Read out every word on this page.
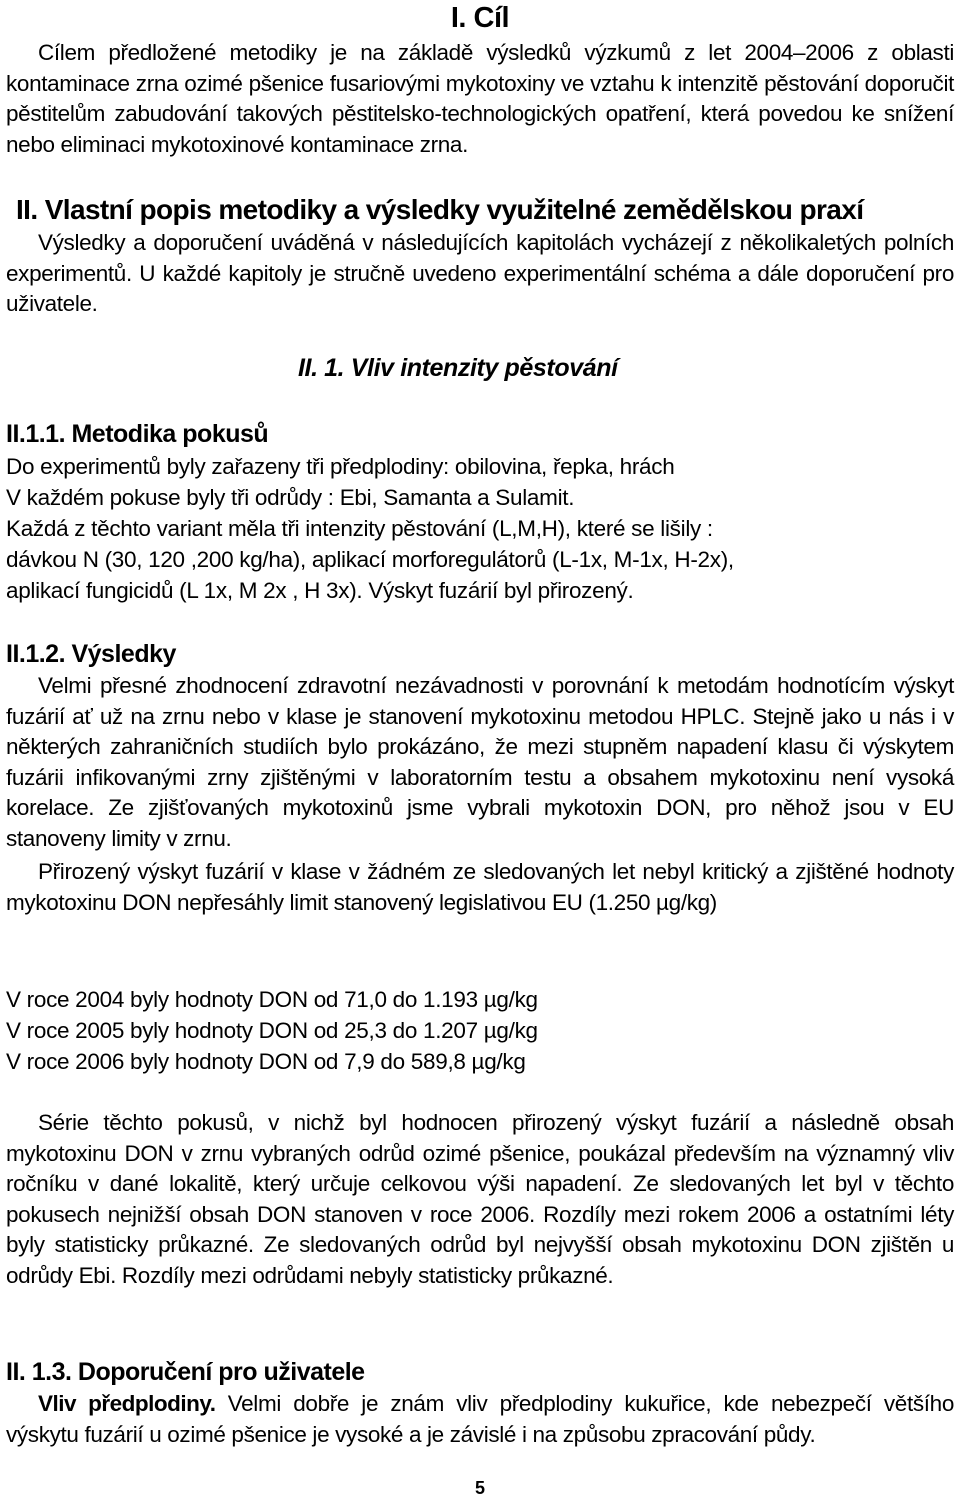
I. Cíl

Cílem předložené metodiky je na základě výsledků výzkumů z let 2004–2006 z oblasti kontaminace zrna ozimé pšenice fusariovými mykotoxiny ve vztahu k intenzitě pěstování doporučit pěstitelům zabudování takových pěstitelsko-technologických opatření, která povedou ke snížení nebo eliminaci mykotoxinové kontaminace zrna.

II. Vlastní popis metodiky a výsledky využitelné zemědělskou praxí

Výsledky a doporučení uváděná v následujících kapitolách vycházejí z několikaletých polních experimentů. U každé kapitoly je stručně uvedeno experimentální schéma a dále doporučení pro uživatele.

II. 1. Vliv intenzity pěstování
II.1.1. Metodika pokusů
Do experimentů byly zařazeny tři předplodiny: obilovina, řepka, hrách
V každém pokuse byly tři odrůdy : Ebi, Samanta a Sulamit.
Každá z těchto variant měla tři intenzity pěstování (L,M,H), které se lišily :
dávkou N (30, 120 ,200 kg/ha), aplikací morforegulátorů (L-1x, M-1x, H-2x),
aplikací fungicidů (L 1x, M 2x , H 3x). Výskyt fuzárií byl přirozený.
II.1.2. Výsledky

Velmi přesné zhodnocení zdravotní nezávadnosti v porovnání k metodám hodnotícím výskyt fuzárií ať už na zrnu nebo v klase je stanovení mykotoxinu metodou HPLC. Stejně jako u nás i v některých zahraničních studiích bylo prokázáno, že mezi stupněm napadení klasu či výskytem fuzárii infikovanými zrny zjištěnými v laboratorním testu a obsahem mykotoxinu není vysoká korelace. Ze zjišťovaných mykotoxinů jsme vybrali mykotoxin DON, pro něhož jsou v EU stanoveny limity v zrnu.

Přirozený výskyt fuzárií v klase v žádném ze sledovaných let nebyl kritický a zjištěné hodnoty mykotoxinu DON nepřesáhly limit stanovený legislativou EU (1.250 µg/kg)

V roce 2004 byly hodnoty DON od 71,0 do 1.193 µg/kg
V roce 2005 byly hodnoty DON od 25,3 do 1.207 µg/kg
V roce 2006 byly hodnoty DON od 7,9 do 589,8 µg/kg

Série těchto pokusů, v nichž byl hodnocen přirozený výskyt fuzárií a následně obsah mykotoxinu DON v zrnu vybraných odrůd ozimé pšenice, poukázal především na významný vliv ročníku v dané lokalitě, který určuje celkovou výši napadení. Ze sledovaných let byl v těchto pokusech nejnižší obsah DON stanoven v roce 2006. Rozdíly mezi rokem 2006 a ostatními léty byly statisticky průkazné. Ze sledovaných odrůd byl nejvyšší obsah mykotoxinu DON zjištěn u odrůdy Ebi. Rozdíly mezi odrůdami nebyly statisticky průkazné.

II. 1.3. Doporučení pro uživatele

Vliv předplodiny. Velmi dobře je znám vliv předplodiny kukuřice, kde nebezpečí většího výskytu fuzárií u ozimé pšenice je vysoké a je závislé i na způsobu zpracování půdy.

5
